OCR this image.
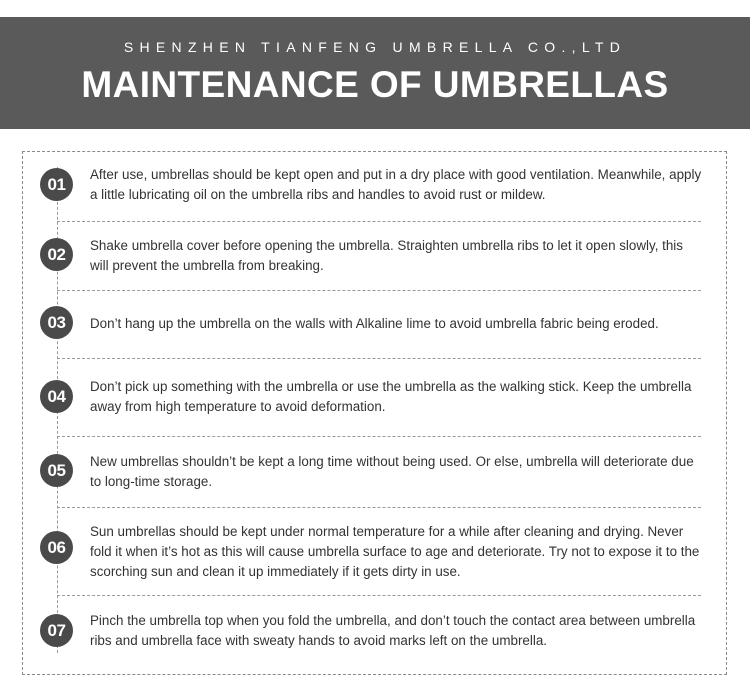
SHENZHEN TIANFENG UMBRELLA CO.,LTD
MAINTENANCE OF UMBRELLAS
01	After use, umbrellas should be kept open and put in a dry place with good ventilation. Meanwhile, apply a little lubricating oil on the umbrella ribs and handles to avoid rust or mildew.
02	Shake umbrella cover before opening the umbrella. Straighten umbrella ribs to let it open slowly, this will prevent the umbrella from breaking.
03	Don’t hang up the umbrella on the walls with Alkaline lime to avoid umbrella fabric being eroded.
04	Don’t pick up something with the umbrella or use the umbrella as the walking stick. Keep the umbrella away from high temperature to avoid deformation.
05	New umbrellas shouldn’t be kept a long time without being used. Or else, umbrella will deteriorate due to long-time storage.
06
Sun umbrellas should be kept under normal temperature for a while after cleaning and drying. Never fold it when it’s hot as this will cause umbrella surface to age and deteriorate. Try not to expose it to the scorching sun and clean it up immediately if it gets dirty in use.
07	Pinch the umbrella top when you fold the umbrella, and don’t touch the contact area between umbrella ribs and umbrella face with sweaty hands to avoid marks left on the umbrella.
